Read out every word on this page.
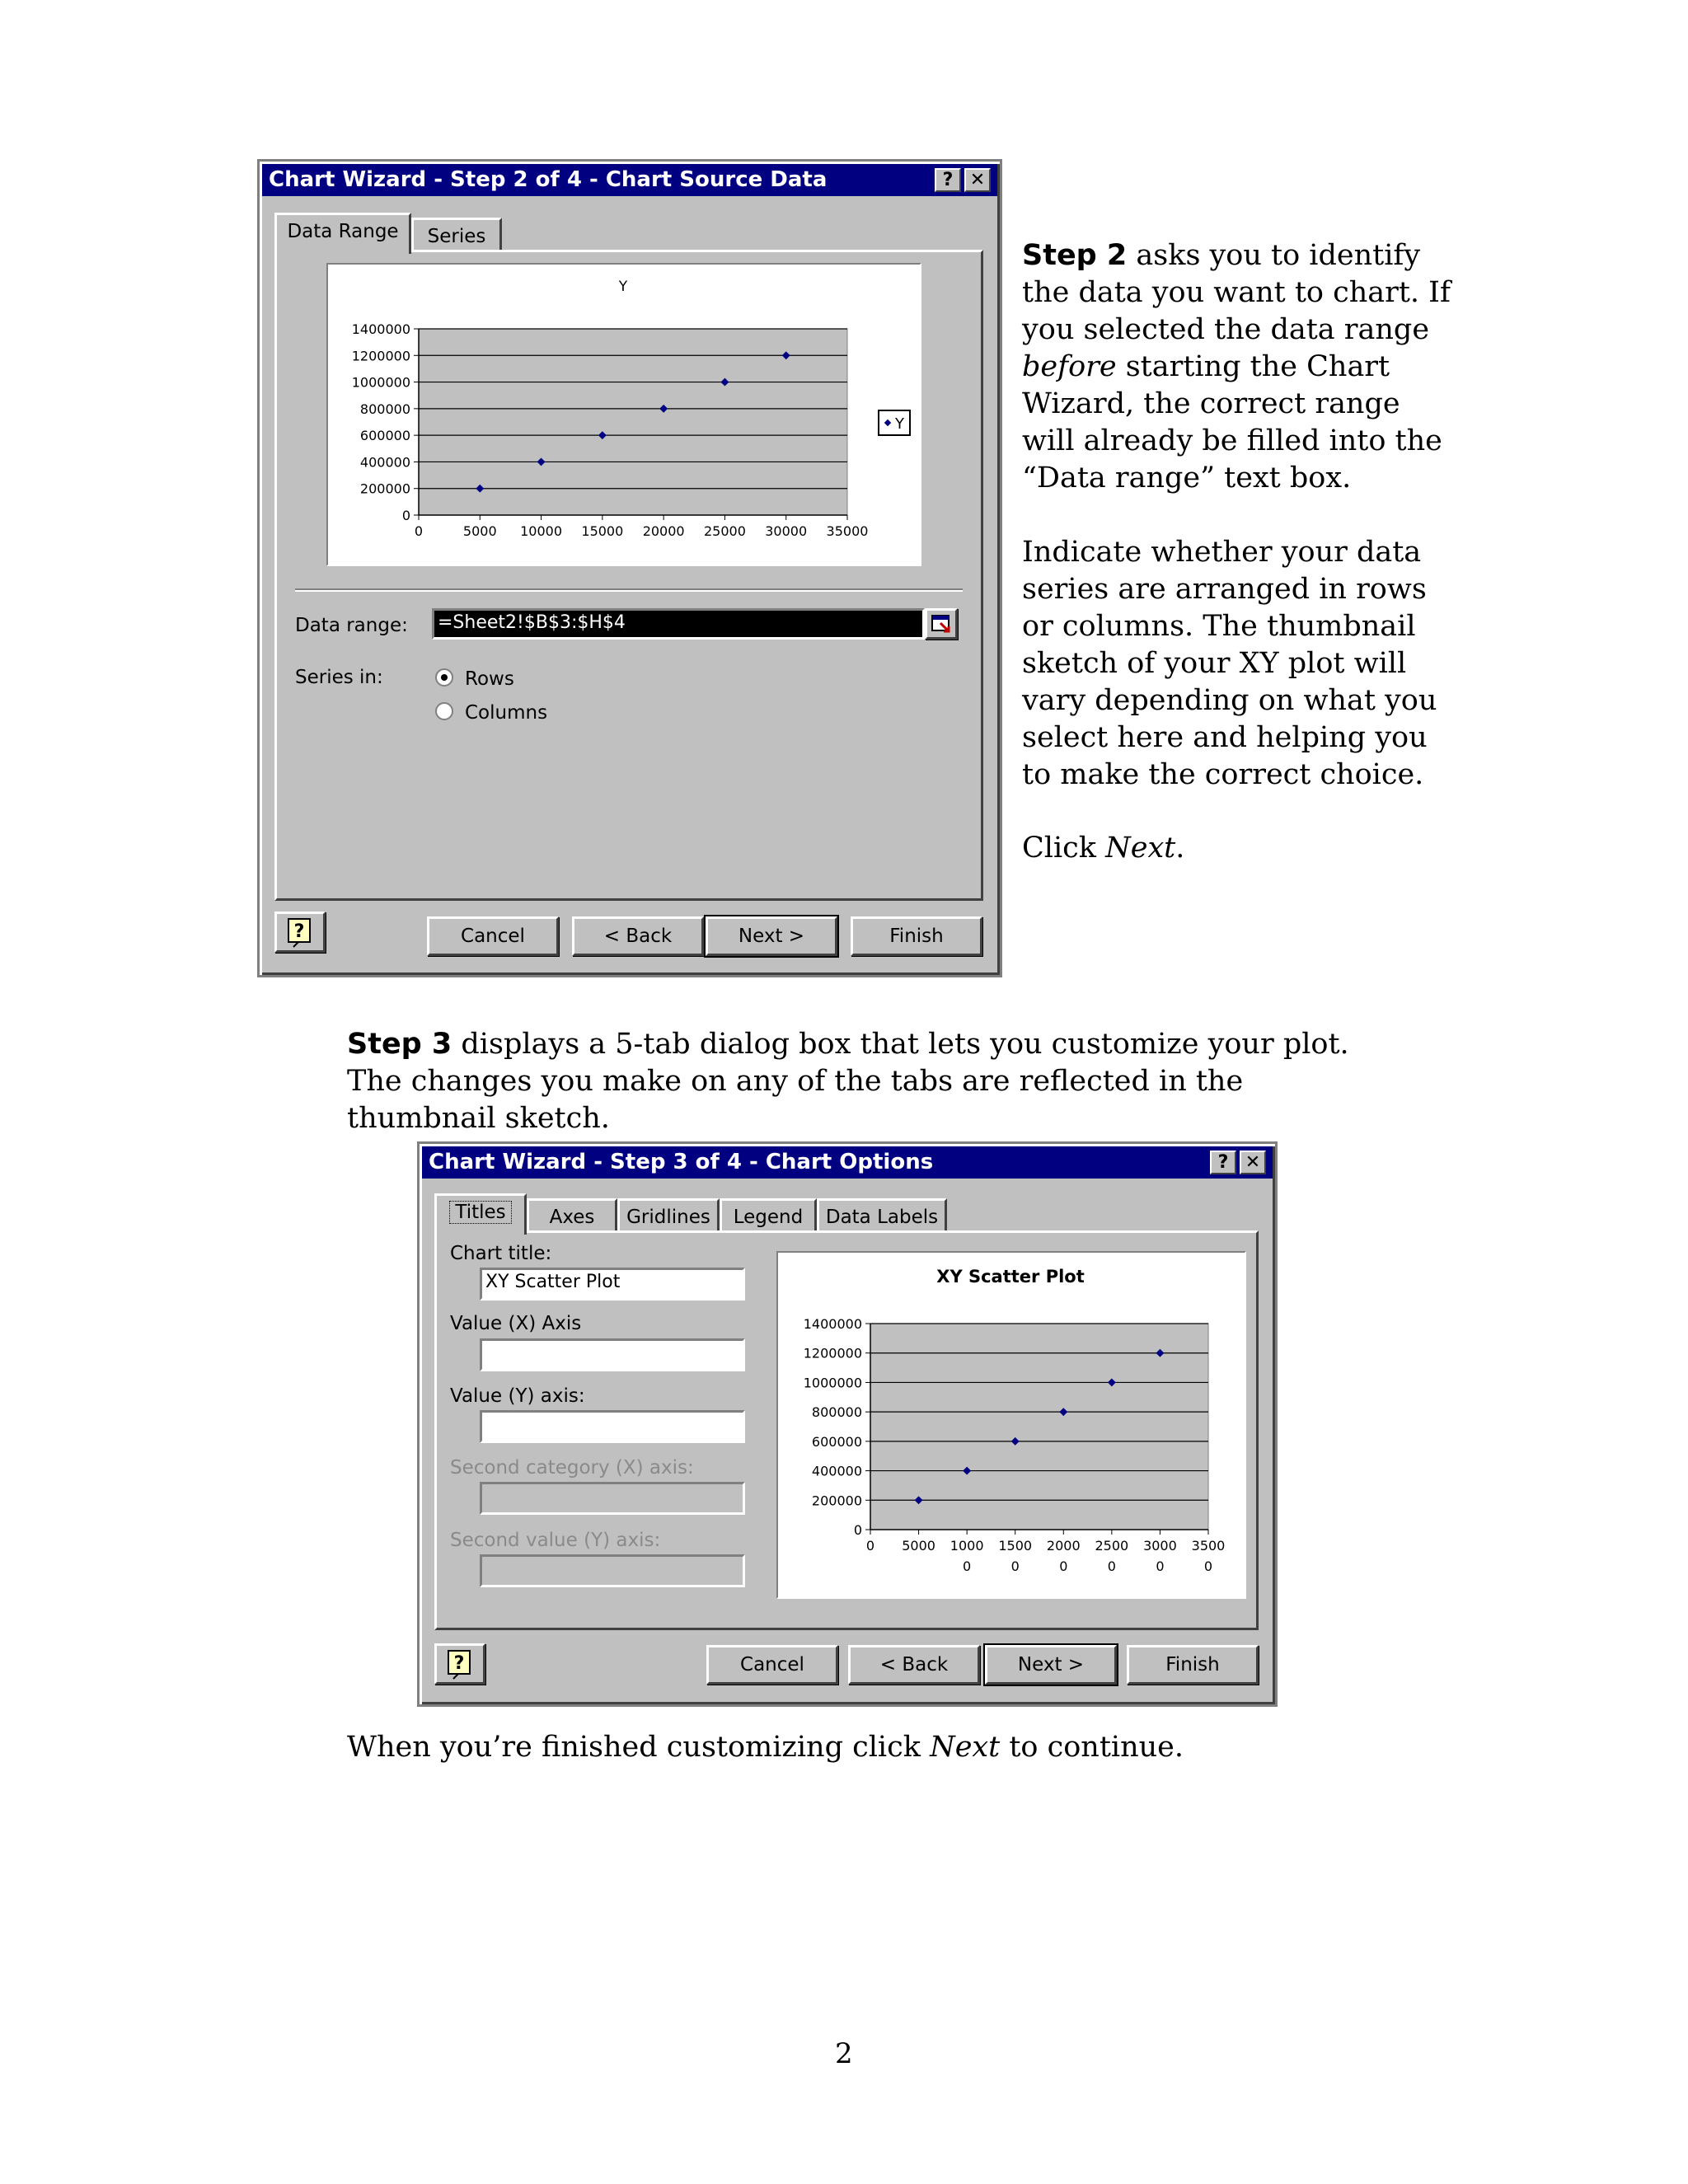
Chart Wizard - Step 2 of 4 - Chart Source Data	? ✕
Data Range	Series
0
200000
400000
600000
800000
1000000
1200000
1400000
0	5000 10000 15000 20000 25000 30000 35000
Y
Y
Data range:	=Sheet2!$B$3:$H$4
Series in:	Rows
Columns
?	Cancel	< Back	Next >	Finish
Step 2 asks you to identify the data you want to chart. If you selected the data range before starting the Chart Wizard, the correct range will already be filled into the “Data range” text box.
Indicate whether your data series are arranged in rows or columns. The thumbnail sketch of your XY plot will vary depending on what you select here and helping you to make the correct choice.
Click Next.
Step 3 displays a 5-tab dialog box that lets you customize your plot. The changes you make on any of the tabs are reflected in the thumbnail sketch.
Chart Wizard - Step 3 of 4 - Chart Options	? ✕
Titles	Axes	Gridlines	Legend	Data Labels
Chart title:
XY Scatter Plot
Value (X) Axis
Value (Y) axis:
Second category (X) axis:
Second value (Y) axis:	0
200000
400000
600000
800000
1000000
1200000
1400000
0 5000 1000
0
1500
0
2000
0
2500
0
3000
0
3500
0
XY Scatter Plot
?	Cancel	< Back	Next >	Finish
When you’re finished customizing click Next to continue.
2
